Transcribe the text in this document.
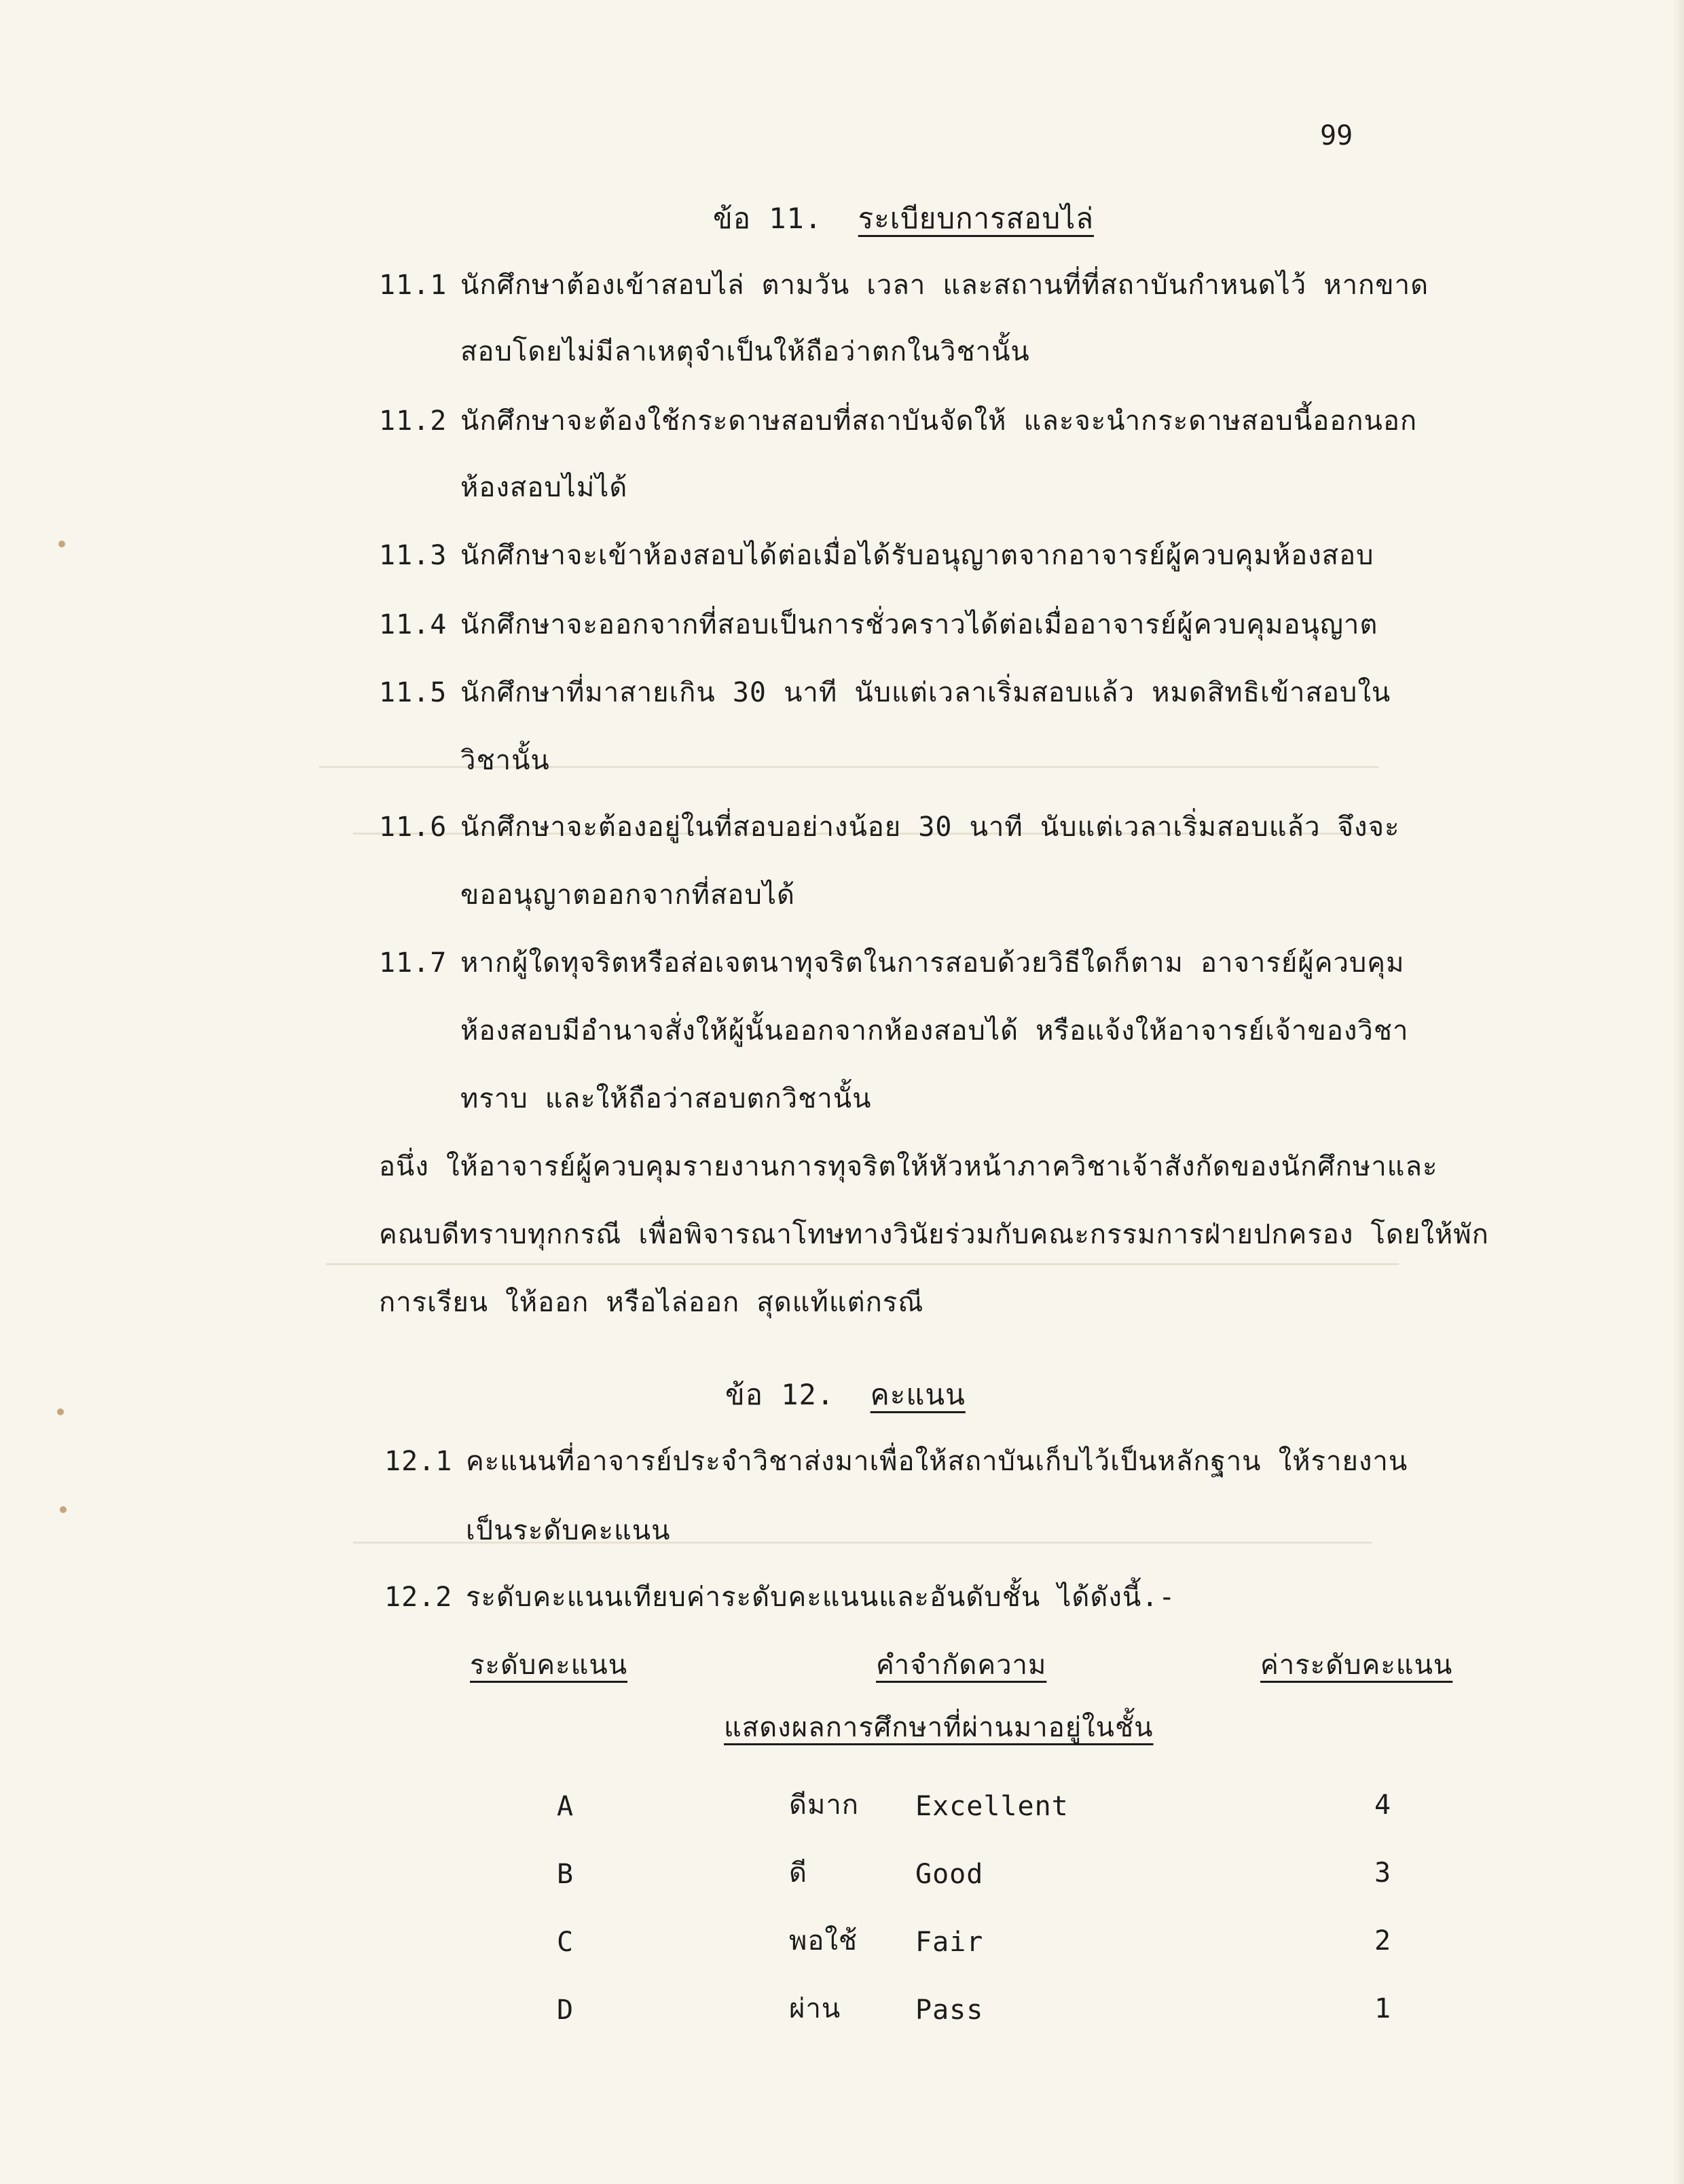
99
ข้อ 11. ระเบียบการสอบไล่
11.1 นักศึกษาต้องเข้าสอบไล่ ตามวัน เวลา และสถานที่ที่สถาบันกำหนดไว้ หากขาด
สอบโดยไม่มีลาเหตุจำเป็นให้ถือว่าตกในวิชานั้น
11.2 นักศึกษาจะต้องใช้กระดาษสอบที่สถาบันจัดให้ และจะนำกระดาษสอบนี้ออกนอก
ห้องสอบไม่ได้
11.3 นักศึกษาจะเข้าห้องสอบได้ต่อเมื่อได้รับอนุญาตจากอาจารย์ผู้ควบคุมห้องสอบ
11.4 นักศึกษาจะออกจากที่สอบเป็นการชั่วคราวได้ต่อเมื่ออาจารย์ผู้ควบคุมอนุญาต
11.5 นักศึกษาที่มาสายเกิน 30 นาที นับแต่เวลาเริ่มสอบแล้ว หมดสิทธิเข้าสอบใน
วิชานั้น
11.6 นักศึกษาจะต้องอยู่ในที่สอบอย่างน้อย 30 นาที นับแต่เวลาเริ่มสอบแล้ว จึงจะ
ขออนุญาตออกจากที่สอบได้
11.7 หากผู้ใดทุจริตหรือส่อเจตนาทุจริตในการสอบด้วยวิธีใดก็ตาม อาจารย์ผู้ควบคุม
ห้องสอบมีอำนาจสั่งให้ผู้นั้นออกจากห้องสอบได้ หรือแจ้งให้อาจารย์เจ้าของวิชา
ทราบ และให้ถือว่าสอบตกวิชานั้น
อนึ่ง ให้อาจารย์ผู้ควบคุมรายงานการทุจริตให้หัวหน้าภาควิชาเจ้าสังกัดของนักศึกษาและ
คณบดีทราบทุกกรณี เพื่อพิจารณาโทษทางวินัยร่วมกับคณะกรรมการฝ่ายปกครอง โดยให้พัก
การเรียน ให้ออก หรือไล่ออก สุดแท้แต่กรณี
ข้อ 12. คะแนน
12.1 คะแนนที่อาจารย์ประจำวิชาส่งมาเพื่อให้สถาบันเก็บไว้เป็นหลักฐาน ให้รายงาน
เป็นระดับคะแนน
12.2 ระดับคะแนนเทียบค่าระดับคะแนนและอันดับชั้น ได้ดังนี้.-
ระดับคะแนน	คำจำกัดความ	ค่าระดับคะแนน
แสดงผลการศึกษาที่ผ่านมาอยู่ในชั้น
A	ดีมาก Excellent	4
B	ดี	Good	3
C	พอใช้ Fair	2
D	ผ่าน	Pass	1
